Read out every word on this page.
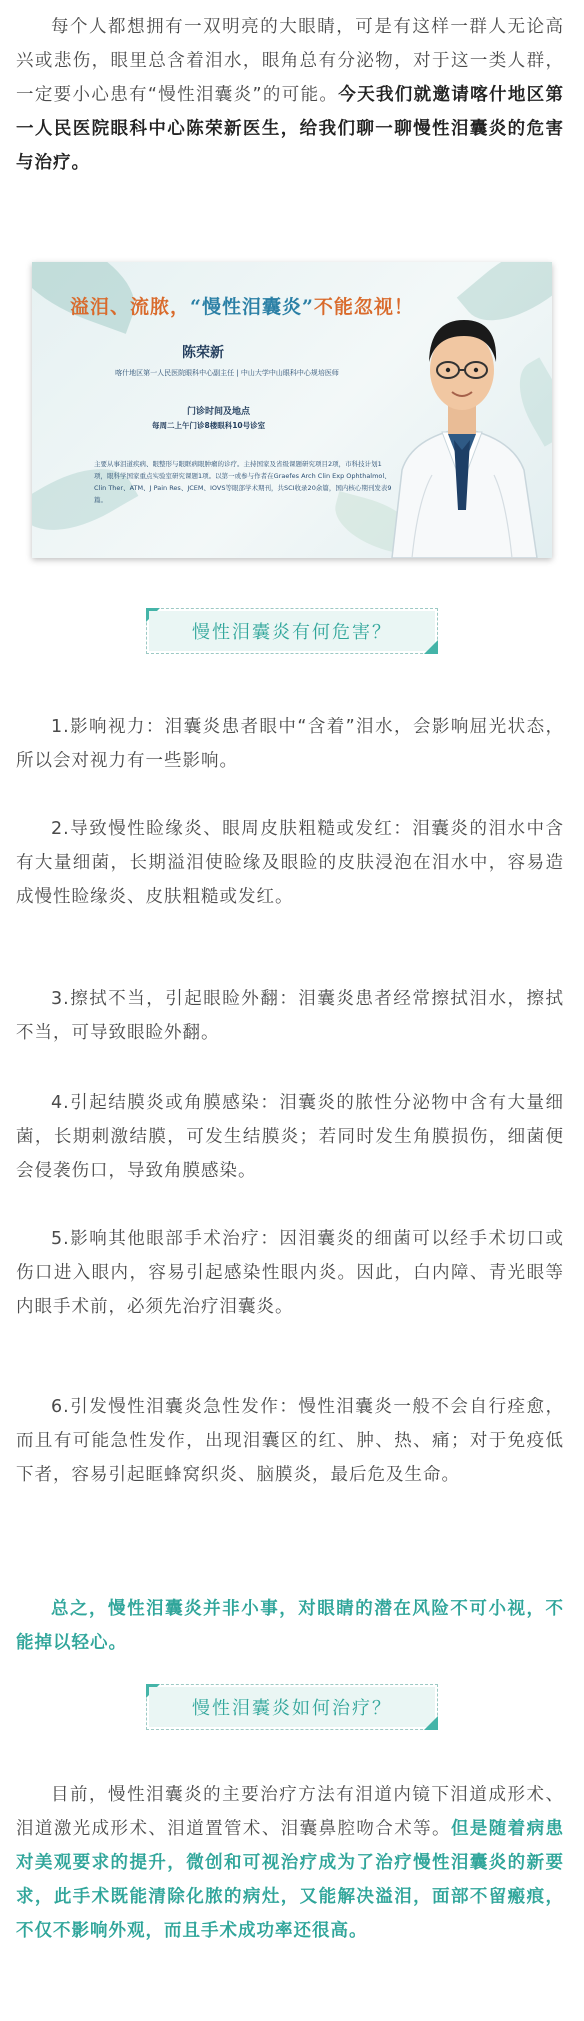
每个人都想拥有一双明亮的大眼睛，可是有这样一群人无论高兴或悲伤，眼里总含着泪水，眼角总有分泌物，对于这一类人群，一定要小心患有“慢性泪囊炎”的可能。今天我们就邀请喀什地区第一人民医院眼科中心陈荣新医生，给我们聊一聊慢性泪囊炎的危害与治疗。

溢泪、流脓，“慢性泪囊炎”不能忽视！
陈荣新
喀什地区第一人民医院眼科中心副主任 | 中山大学中山眼科中心规培医师
门诊时间及地点
每周二上午门诊8楼眼科10号诊室
主要从事泪道疾病、眼整形与眼眶病眼肿瘤的诊疗。主持国家及省级课题研究项目2项，市科技计划1项，眼科学国家重点实验室研究课题1项。以第一或参与作者在Graefes Arch Clin Exp Ophthalmol、Clin Ther、ATM、J Pain Res、JCEM、IOVS等眼部学术期刊，共SCI收录20余篇，国内核心期刊发表9篇。
慢性泪囊炎有何危害？

1.影响视力：泪囊炎患者眼中“含着”泪水，会影响屈光状态，所以会对视力有一些影响。

2.导致慢性睑缘炎、眼周皮肤粗糙或发红：泪囊炎的泪水中含有大量细菌，长期溢泪使睑缘及眼睑的皮肤浸泡在泪水中，容易造成慢性睑缘炎、皮肤粗糙或发红。

3.擦拭不当，引起眼睑外翻：泪囊炎患者经常擦拭泪水，擦拭不当，可导致眼睑外翻。

4.引起结膜炎或角膜感染：泪囊炎的脓性分泌物中含有大量细菌，长期刺激结膜，可发生结膜炎；若同时发生角膜损伤，细菌便会侵袭伤口，导致角膜感染。

5.影响其他眼部手术治疗：因泪囊炎的细菌可以经手术切口或伤口进入眼内，容易引起感染性眼内炎。因此，白内障、青光眼等内眼手术前，必须先治疗泪囊炎。

6.引发慢性泪囊炎急性发作：慢性泪囊炎一般不会自行痊愈，而且有可能急性发作，出现泪囊区的红、肿、热、痛；对于免疫低下者，容易引起眶蜂窝织炎、脑膜炎，最后危及生命。

总之，慢性泪囊炎并非小事，对眼睛的潜在风险不可小视，不能掉以轻心。

慢性泪囊炎如何治疗？

目前，慢性泪囊炎的主要治疗方法有泪道内镜下泪道成形术、泪道激光成形术、泪道置管术、泪囊鼻腔吻合术等。但是随着病患对美观要求的提升，微创和可视治疗成为了治疗慢性泪囊炎的新要求，此手术既能清除化脓的病灶，又能解决溢泪，面部不留瘢痕，不仅不影响外观，而且手术成功率还很高。
